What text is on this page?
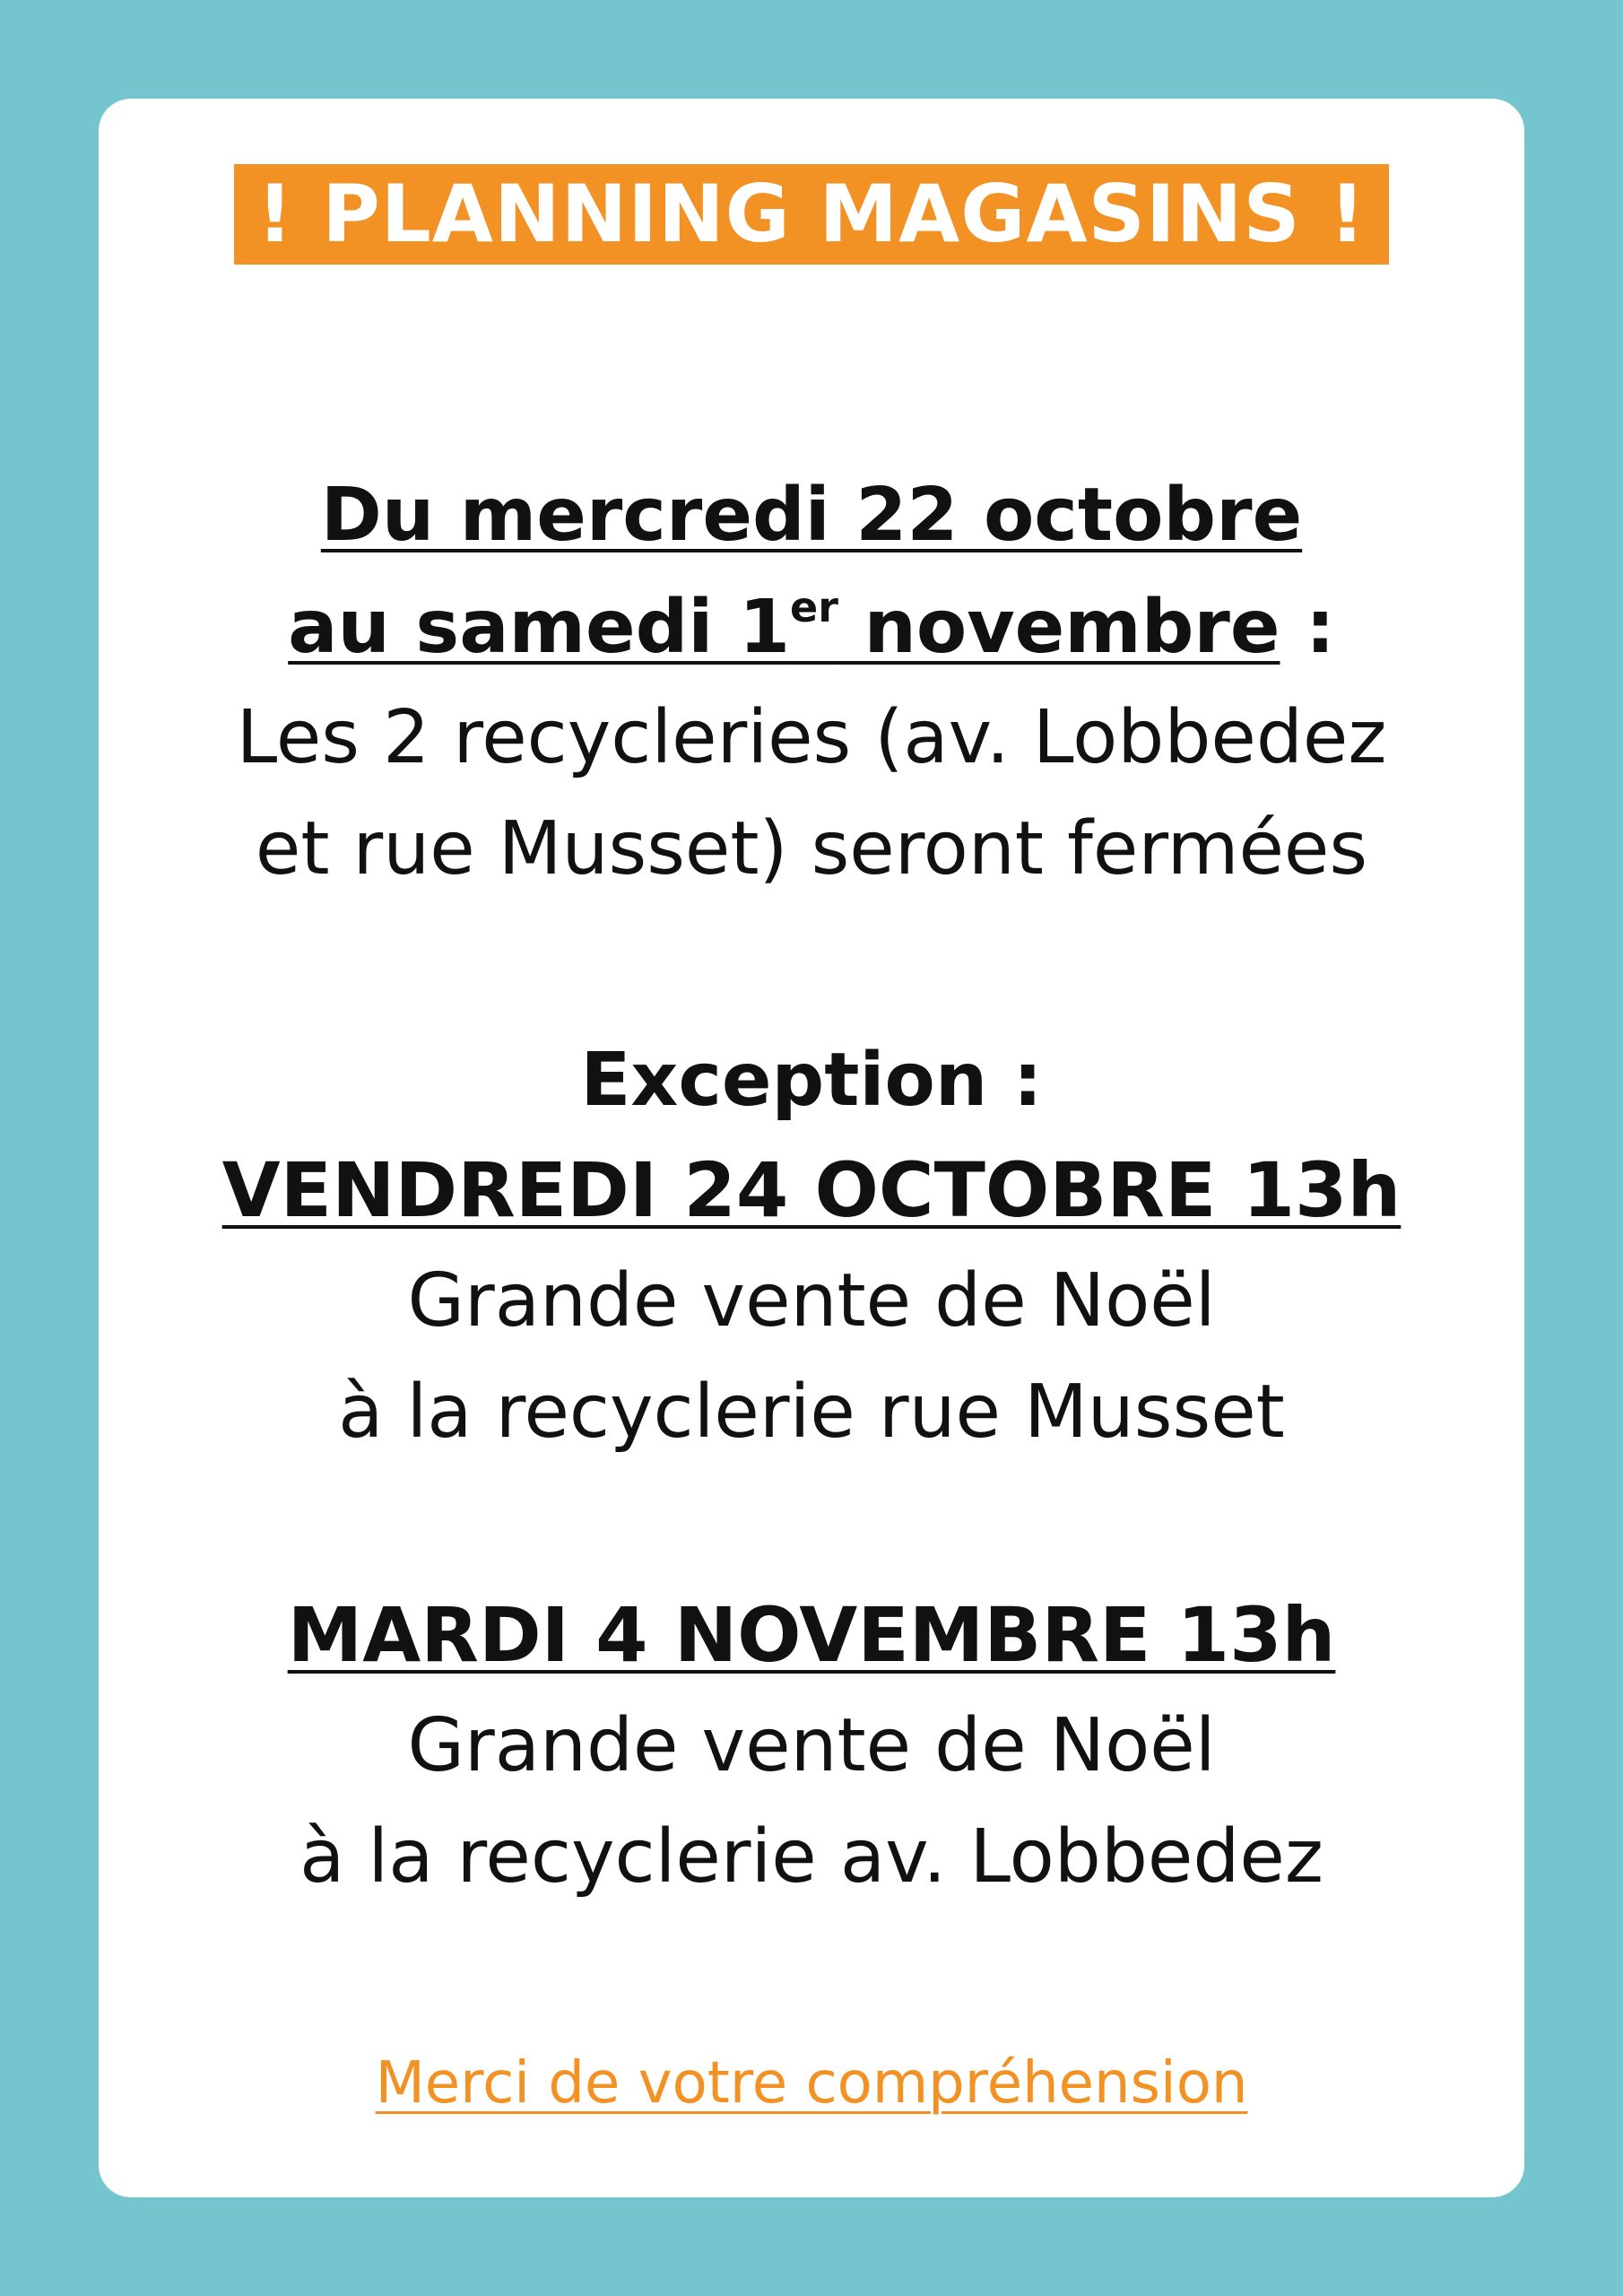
! PLANNING MAGASINS !
Du mercredi 22 octobre
au samedi 1er novembre :
Les 2 recycleries (av. Lobbedez
et rue Musset) seront fermées
Exception :
VENDREDI 24 OCTOBRE 13h
Grande vente de Noël
à la recyclerie rue Musset
MARDI 4 NOVEMBRE 13h
Grande vente de Noël
à la recyclerie av. Lobbedez
Merci de votre compréhension
